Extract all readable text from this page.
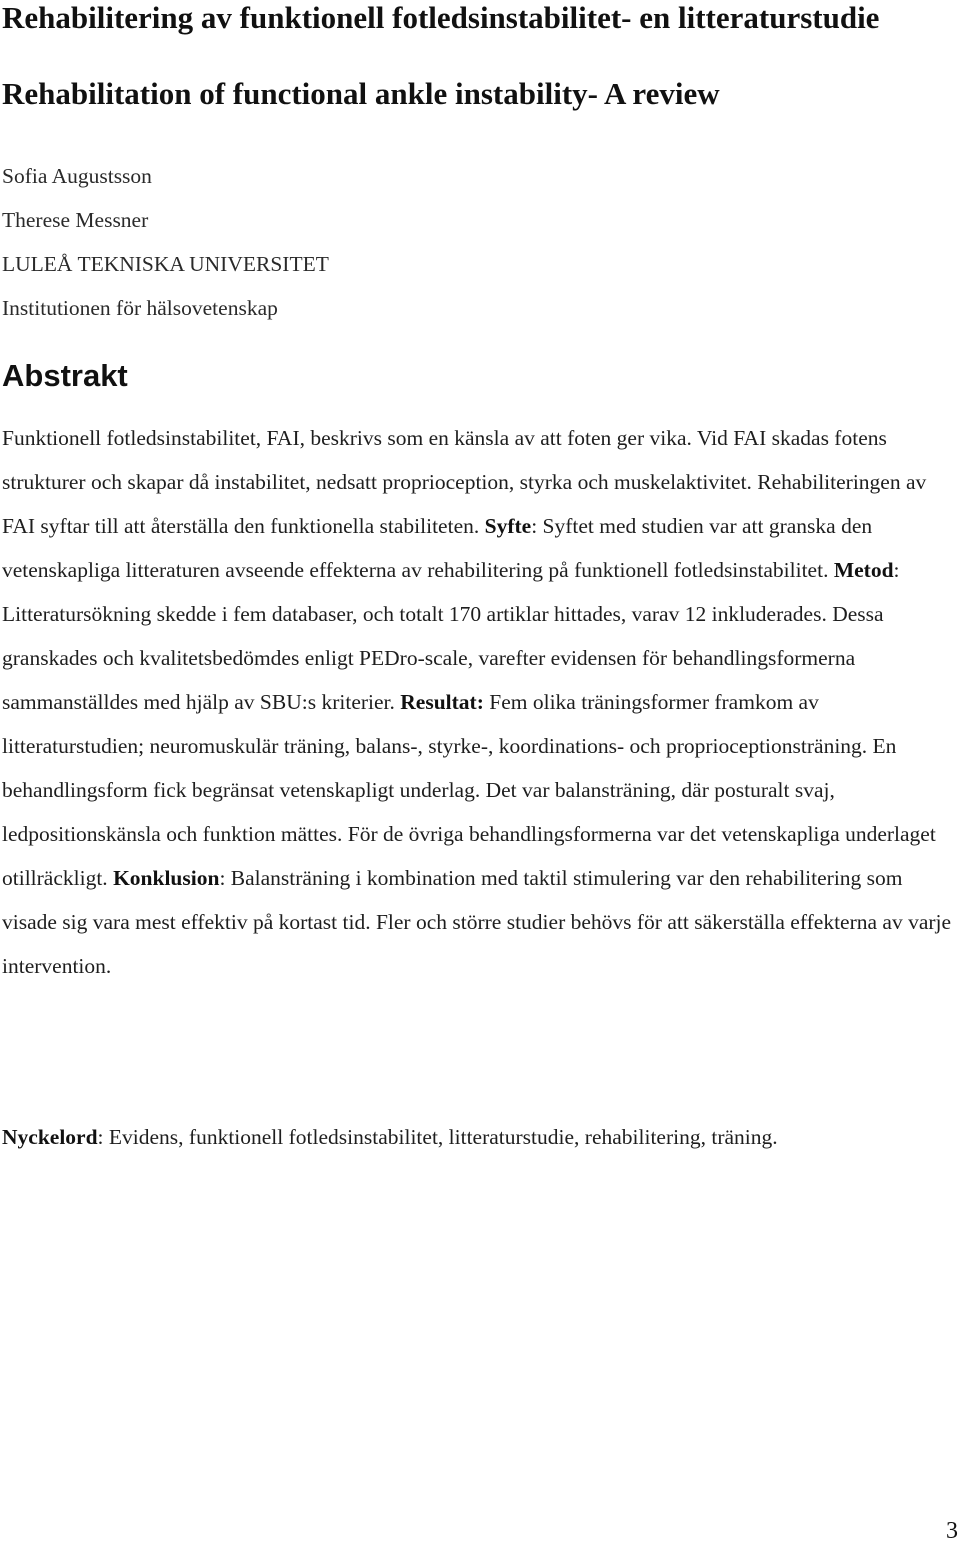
Rehabilitering av funktionell fotledsinstabilitet- en litteraturstudie
Rehabilitation of functional ankle instability- A review
Sofia Augustsson
Therese Messner
LULEÅ TEKNISKA UNIVERSITET
Institutionen för hälsovetenskap
Abstrakt

Funktionell fotledsinstabilitet, FAI, beskrivs som en känsla av att foten ger vika. Vid FAI skadas fotens strukturer och skapar då instabilitet, nedsatt proprioception, styrka och muskelaktivitet. Rehabiliteringen av FAI syftar till att återställa den funktionella stabiliteten. Syfte: Syftet med studien var att granska den vetenskapliga litteraturen avseende effekterna av rehabilitering på funktionell fotledsinstabilitet. Metod: Litteratursökning skedde i fem databaser, och totalt 170 artiklar hittades, varav 12 inkluderades. Dessa granskades och kvalitetsbedömdes enligt PEDro-scale, varefter evidensen för behandlingsformerna sammanställdes med hjälp av SBU:s kriterier. Resultat: Fem olika träningsformer framkom av litteraturstudien; neuromuskulär träning, balans-, styrke-, koordinations- och proprioceptionsträning. En behandlingsform fick begränsat vetenskapligt underlag. Det var balansträning, där posturalt svaj, ledpositionskänsla och funktion mättes. För de övriga behandlingsformerna var det vetenskapliga underlaget otillräckligt. Konklusion: Balansträning i kombination med taktil stimulering var den rehabilitering som visade sig vara mest effektiv på kortast tid. Fler och större studier behövs för att säkerställa effekterna av varje intervention.

Nyckelord: Evidens, funktionell fotledsinstabilitet, litteraturstudie, rehabilitering, träning.

3
